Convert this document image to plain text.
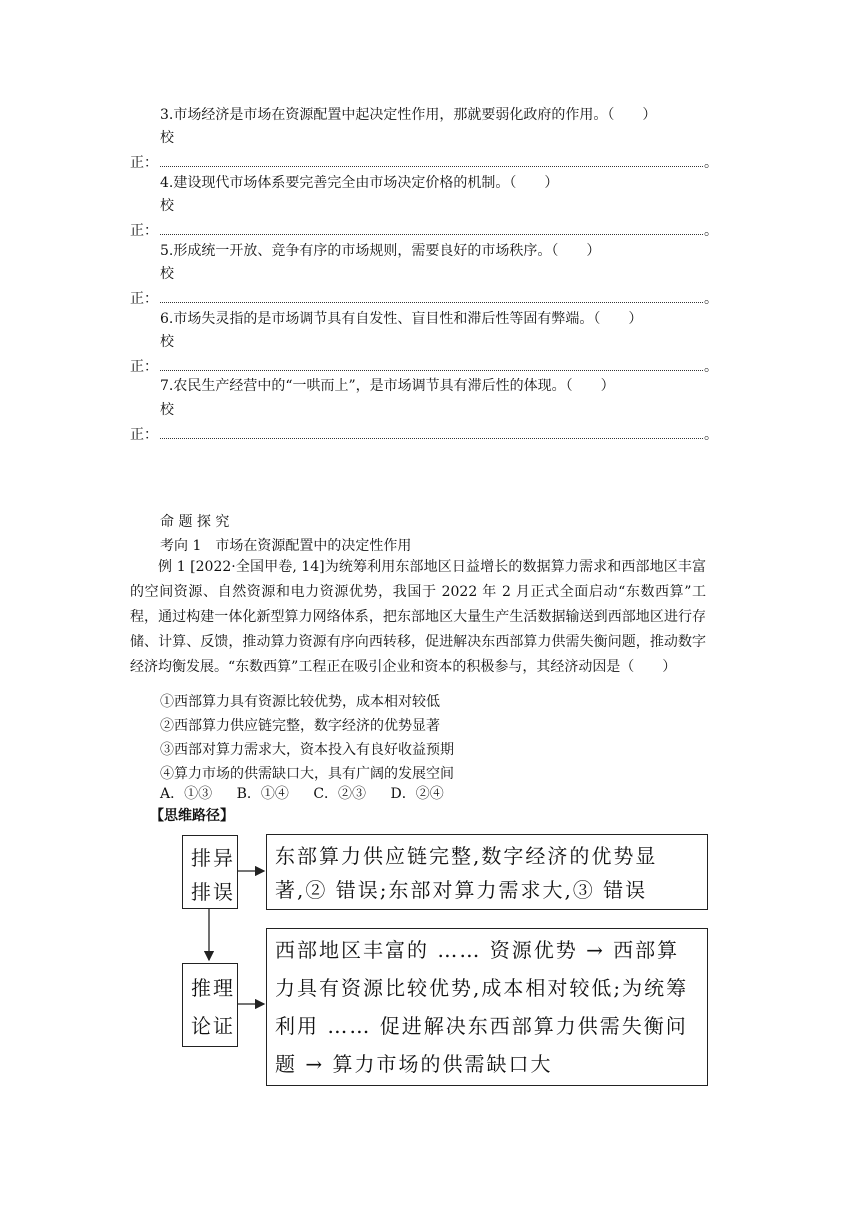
3.市场经济是市场在资源配置中起决定性作用，那就要弱化政府的作用。（　　）
校
正：	。
4.建设现代市场体系要完善完全由市场决定价格的机制。（　　）
校
正：	。
5.形成统一开放、竞争有序的市场规则，需要良好的市场秩序。（　　）
校
正：	。
6.市场失灵指的是市场调节具有自发性、盲目性和滞后性等固有弊端。（　　）
校
正：	。
7.农民生产经营中的“一哄而上”，是市场调节具有滞后性的体现。（　　）
校
正：	。
命 题 探 究
考向 1　市场在资源配置中的决定性作用
例 1 [2022·全国甲卷, 14]为统筹利用东部地区日益增长的数据算力需求和西部地区丰富的空间资源、自然资源和电力资源优势，我国于 2022 年 2 月正式全面启动“东数西算”工程，通过构建一体化新型算力网络体系，把东部地区大量生产生活数据输送到西部地区进行存储、计算、反馈，推动算力资源有序向西转移，促进解决东西部算力供需失衡问题，推动数字经济均衡发展。“东数西算”工程正在吸引企业和资本的积极参与，其经济动因是（　　）
①西部算力具有资源比较优势，成本相对较低
②西部算力供应链完整，数字经济的优势显著
③西部对算力需求大，资本投入有良好收益预期
④算力市场的供需缺口大，具有广阔的发展空间
A．①③ B．①④ C．②③ D．②④
【思维路径】
排异
排误
东部算力供应链完整,数字经济的优势显著,② 错误;东部对算力需求大,③ 错误
推理
论证
西部地区丰富的 …… 资源优势 → 西部算力具有资源比较优势,成本相对较低;为统筹利用 …… 促进解决东西部算力供需失衡问题 → 算力市场的供需缺口大
